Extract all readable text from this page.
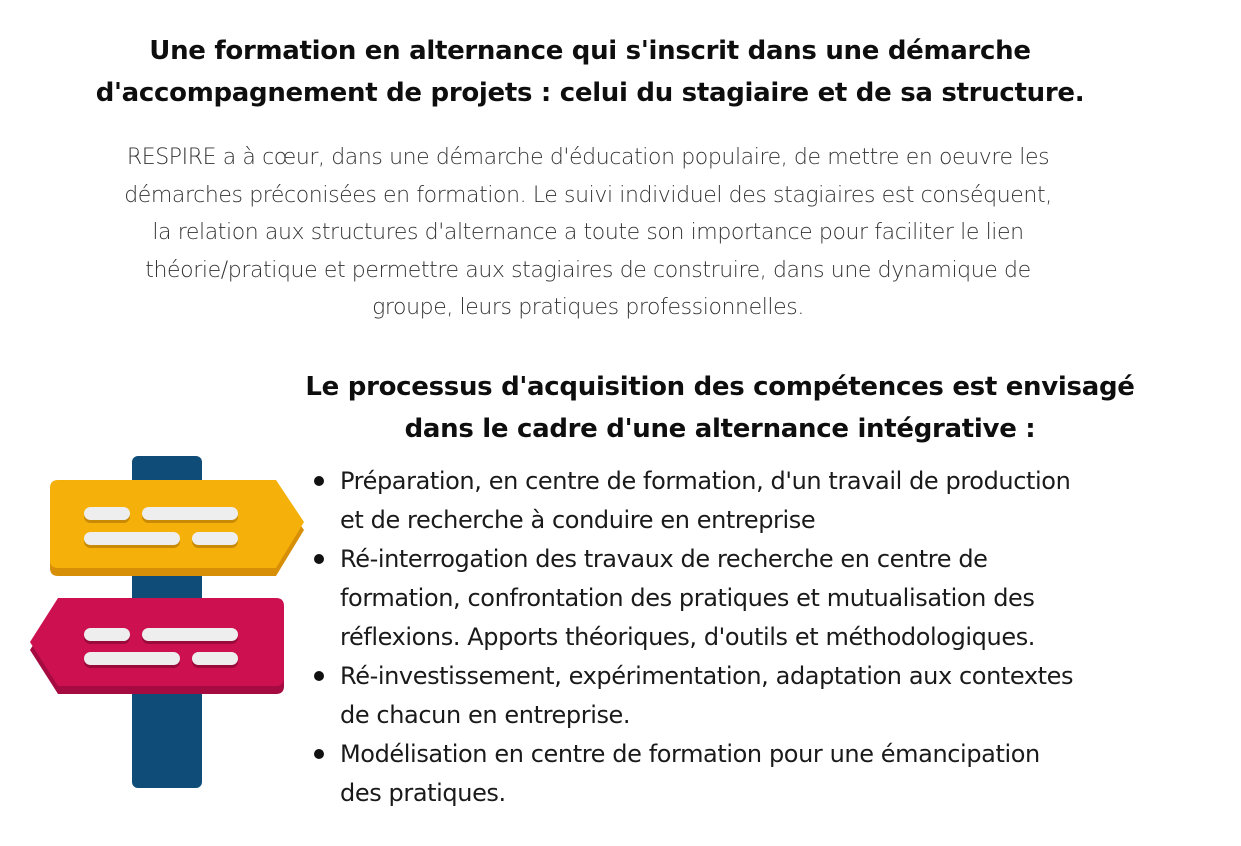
Une formation en alternance qui s'inscrit dans une démarche
d'accompagnement de projets : celui du stagiaire et de sa structure.

RESPIRE a à cœur, dans une démarche d'éducation populaire, de mettre en oeuvre les
démarches préconisées en formation. Le suivi individuel des stagiaires est conséquent,
la relation aux structures d'alternance a toute son importance pour faciliter le lien
théorie/pratique et permettre aux stagiaires de construire, dans une dynamique de
groupe, leurs pratiques professionnelles.

Le processus d'acquisition des compétences est envisagé
dans le cadre d'une alternance intégrative :
Préparation, en centre de formation, d'un travail de production
et de recherche à conduire en entreprise
Ré-interrogation des travaux de recherche en centre de
formation, confrontation des pratiques et mutualisation des
réflexions. Apports théoriques, d'outils et méthodologiques.
Ré-investissement, expérimentation, adaptation aux contextes
de chacun en entreprise.
Modélisation en centre de formation pour une émancipation
des pratiques.
